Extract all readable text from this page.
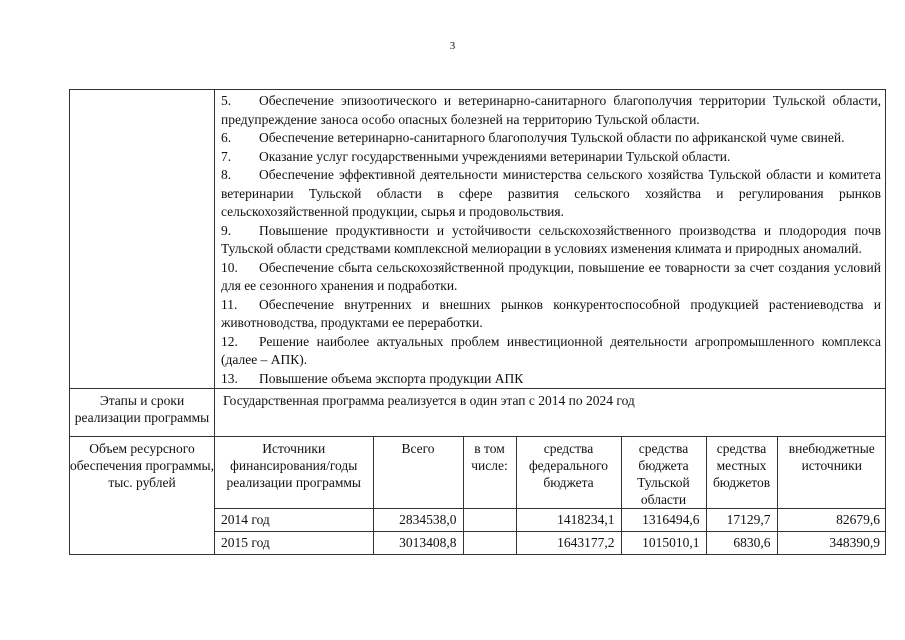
3

5. Обеспечение эпизоотического и ветеринарно-санитарного благополучия территории Тульской области, предупреждение заноса особо опасных болезней на территорию Тульской области.
6. Обеспечение ветеринарно-санитарного благополучия Тульской области по африканской чуме свиней.
7. Оказание услуг государственными учреждениями ветеринарии Тульской области.
8. Обеспечение эффективной деятельности министерства сельского хозяйства Тульской области и комитета ветеринарии Тульской области в сфере развития сельского хозяйства и регулирования рынков сельскохозяйственной продукции, сырья и продовольствия.
9. Повышение продуктивности и устойчивости сельскохозяйственного производства и плодородия почв Тульской области средствами комплексной мелиорации в условиях изменения климата и природных аномалий.
10. Обеспечение сбыта сельскохозяйственной продукции, повышение ее товарности за счет создания условий для ее сезонного хранения и подработки.
11. Обеспечение внутренних и внешних рынков конкурентоспособной продукцией растениеводства и животноводства, продуктами ее переработки.
12. Решение наиболее актуальных проблем инвестиционной деятельности агропромышленного комплекса (далее – АПК).
13. Повышение объема экспорта продукции АПК

Этапы и сроки реализации программы	Государственная программа реализуется в один этап с 2014 по 2024 год
Объем ресурсного обеспечения программы, тыс. рублей	
Источники финансирования/годы реализации программы	Всего	в том числе:	средства федерального бюджета	средства бюджета Тульской области	средства местных бюджетов	внебюджетные источники
2014 год	2834538,0		1418234,1	1316494,6	17129,7	82679,6
2015 год	3013408,8		1643177,2	1015010,1	6830,6	348390,9
